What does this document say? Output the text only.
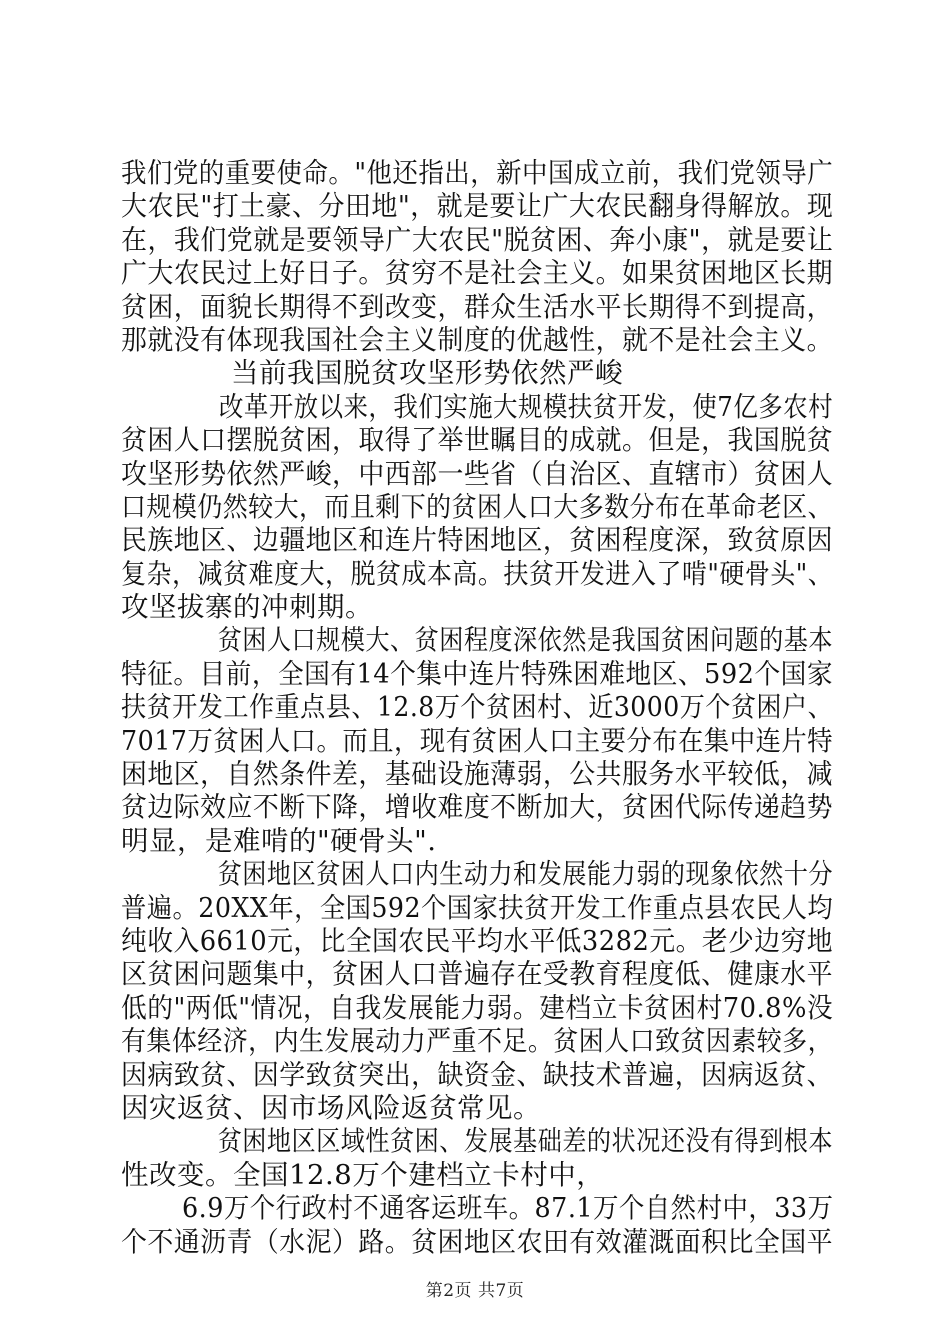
我们党的重要使命。"他还指出，新中国成立前，我们党领导广
大农民"打土豪、分田地"，就是要让广大农民翻身得解放。现
在，我们党就是要领导广大农民"脱贫困、奔小康"，就是要让
广大农民过上好日子。贫穷不是社会主义。如果贫困地区长期
贫困，面貌长期得不到改变，群众生活水平长期得不到提高，
那就没有体现我国社会主义制度的优越性，就不是社会主义。
当前我国脱贫攻坚形势依然严峻
改革开放以来，我们实施大规模扶贫开发，使7亿多农村
贫困人口摆脱贫困，取得了举世瞩目的成就。但是，我国脱贫
攻坚形势依然严峻，中西部一些省（自治区、直辖市）贫困人
口规模仍然较大，而且剩下的贫困人口大多数分布在革命老区、
民族地区、边疆地区和连片特困地区，贫困程度深，致贫原因
复杂，减贫难度大，脱贫成本高。扶贫开发进入了啃"硬骨头"、
攻坚拔寨的冲刺期。
贫困人口规模大、贫困程度深依然是我国贫困问题的基本
特征。目前，全国有14个集中连片特殊困难地区、592个国家
扶贫开发工作重点县、12.8万个贫困村、近3000万个贫困户、
7017万贫困人口。而且，现有贫困人口主要分布在集中连片特
困地区，自然条件差，基础设施薄弱，公共服务水平较低，减
贫边际效应不断下降，增收难度不断加大，贫困代际传递趋势
明显，是难啃的"硬骨头".
贫困地区贫困人口内生动力和发展能力弱的现象依然十分
普遍。20XX年，全国592个国家扶贫开发工作重点县农民人均
纯收入6610元，比全国农民平均水平低3282元。老少边穷地
区贫困问题集中，贫困人口普遍存在受教育程度低、健康水平
低的"两低"情况，自我发展能力弱。建档立卡贫困村70.8%没
有集体经济，内生发展动力严重不足。贫困人口致贫因素较多，
因病致贫、因学致贫突出，缺资金、缺技术普遍，因病返贫、
因灾返贫、因市场风险返贫常见。
贫困地区区域性贫困、发展基础差的状况还没有得到根本
性改变。全国12.8万个建档立卡村中，
6.9万个行政村不通客运班车。87.1万个自然村中，33万
个不通沥青（水泥）路。贫困地区农田有效灌溉面积比全国平
第2页 共7页
